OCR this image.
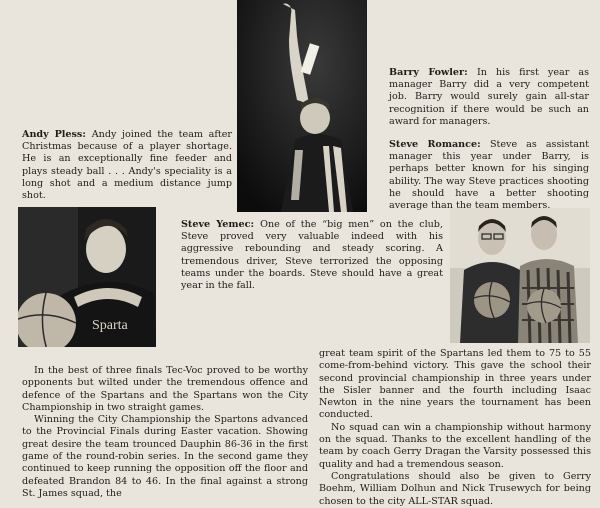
Sparta

Barry Fowler: In his first year as manager Barry did a very competent job. Barry would surely gain all-star recognition if there would be such an award for managers.

Steve Romance: Steve as assistant manager this year under Barry, is perhaps better known for his singing ability. The way Steve practices shooting he should have a better shooting average than the team members.

Andy Pless: Andy joined the team after Christmas because of a player shortage. He is an exceptionally fine feeder and plays steady ball . . . Andy's speciality is a long shot and a medium distance jump shot.

Steve Yemec: One of the “big men” on the club, Steve proved very valuable indeed with his aggressive rebounding and steady scoring. A tremendous driver, Steve terrorized the opposing teams under the boards. Steve should have a great year in the fall.

In the best of three finals Tec-Voc proved to be worthy opponents but wilted under the tremendous offence and defence of the Spartans and the Spartans won the City Championship in two straight games.

Winning the City Championship the Spartons advanced to the Provincial Finals during Easter vacation. Showing great desire the team trounced Dauphin 86-36 in the first game of the round-robin series. In the second game they continued to keep running the opposition off the floor and defeated Brandon 84 to 46. In the final against a strong St. James squad, the

great team spirit of the Spartans led them to 75 to 55 come-from-behind victory. This gave the school their second provincial championship in three years under the Sisler banner and the fourth including Isaac Newton in the nine years the tournament has been conducted.

No squad can win a championship without harmony on the squad. Thanks to the excellent handling of the team by coach Gerry Dragan the Varsity possessed this quality and had a tremendous season.

Congratulations should also be given to Gerry Boehm, William Dolhun and Nick Trusewych for being chosen to the city ALL-STAR squad.
